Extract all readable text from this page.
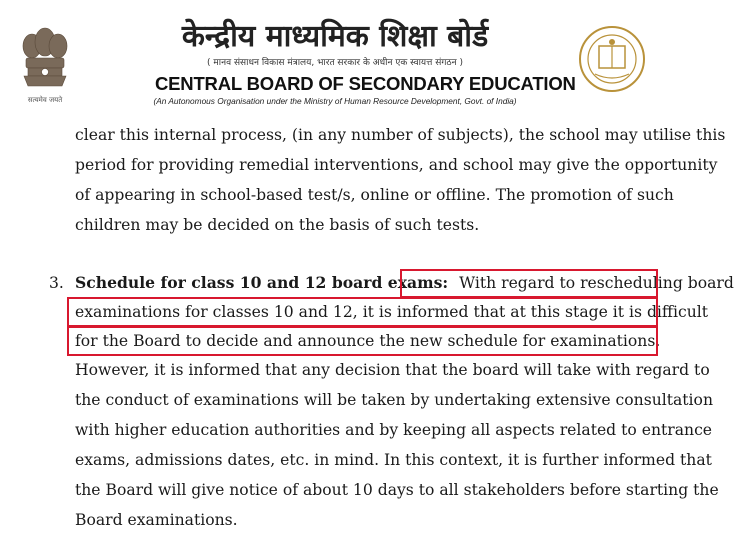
सत्यमेव जयते
केन्द्रीय माध्यमिक शिक्षा बोर्ड
( मानव संसाधन विकास मंत्रालय, भारत सरकार के अधीन एक स्वायत्त संगठन )
CENTRAL BOARD OF SECONDARY EDUCATION
(An Autonomous Organisation under the Ministry of Human Resource Development, Govt. of India)
clear this internal process, (in any number of subjects), the school may utilise this
period for providing remedial interventions, and school may give the opportunity
of appearing in school-based test/s, online or offline. The promotion of such
children may be decided on the basis of such tests.
3. Schedule for class 10 and 12 board exams: With regard to rescheduling board
examinations for classes 10 and 12, it is informed that at this stage it is difficult
for the Board to decide and announce the new schedule for examinations.
However, it is informed that any decision that the board will take with regard to
the conduct of examinations will be taken by undertaking extensive consultation
with higher education authorities and by keeping all aspects related to entrance
exams, admissions dates, etc. in mind. In this context, it is further informed that
the Board will give notice of about 10 days to all stakeholders before starting the
Board examinations.
